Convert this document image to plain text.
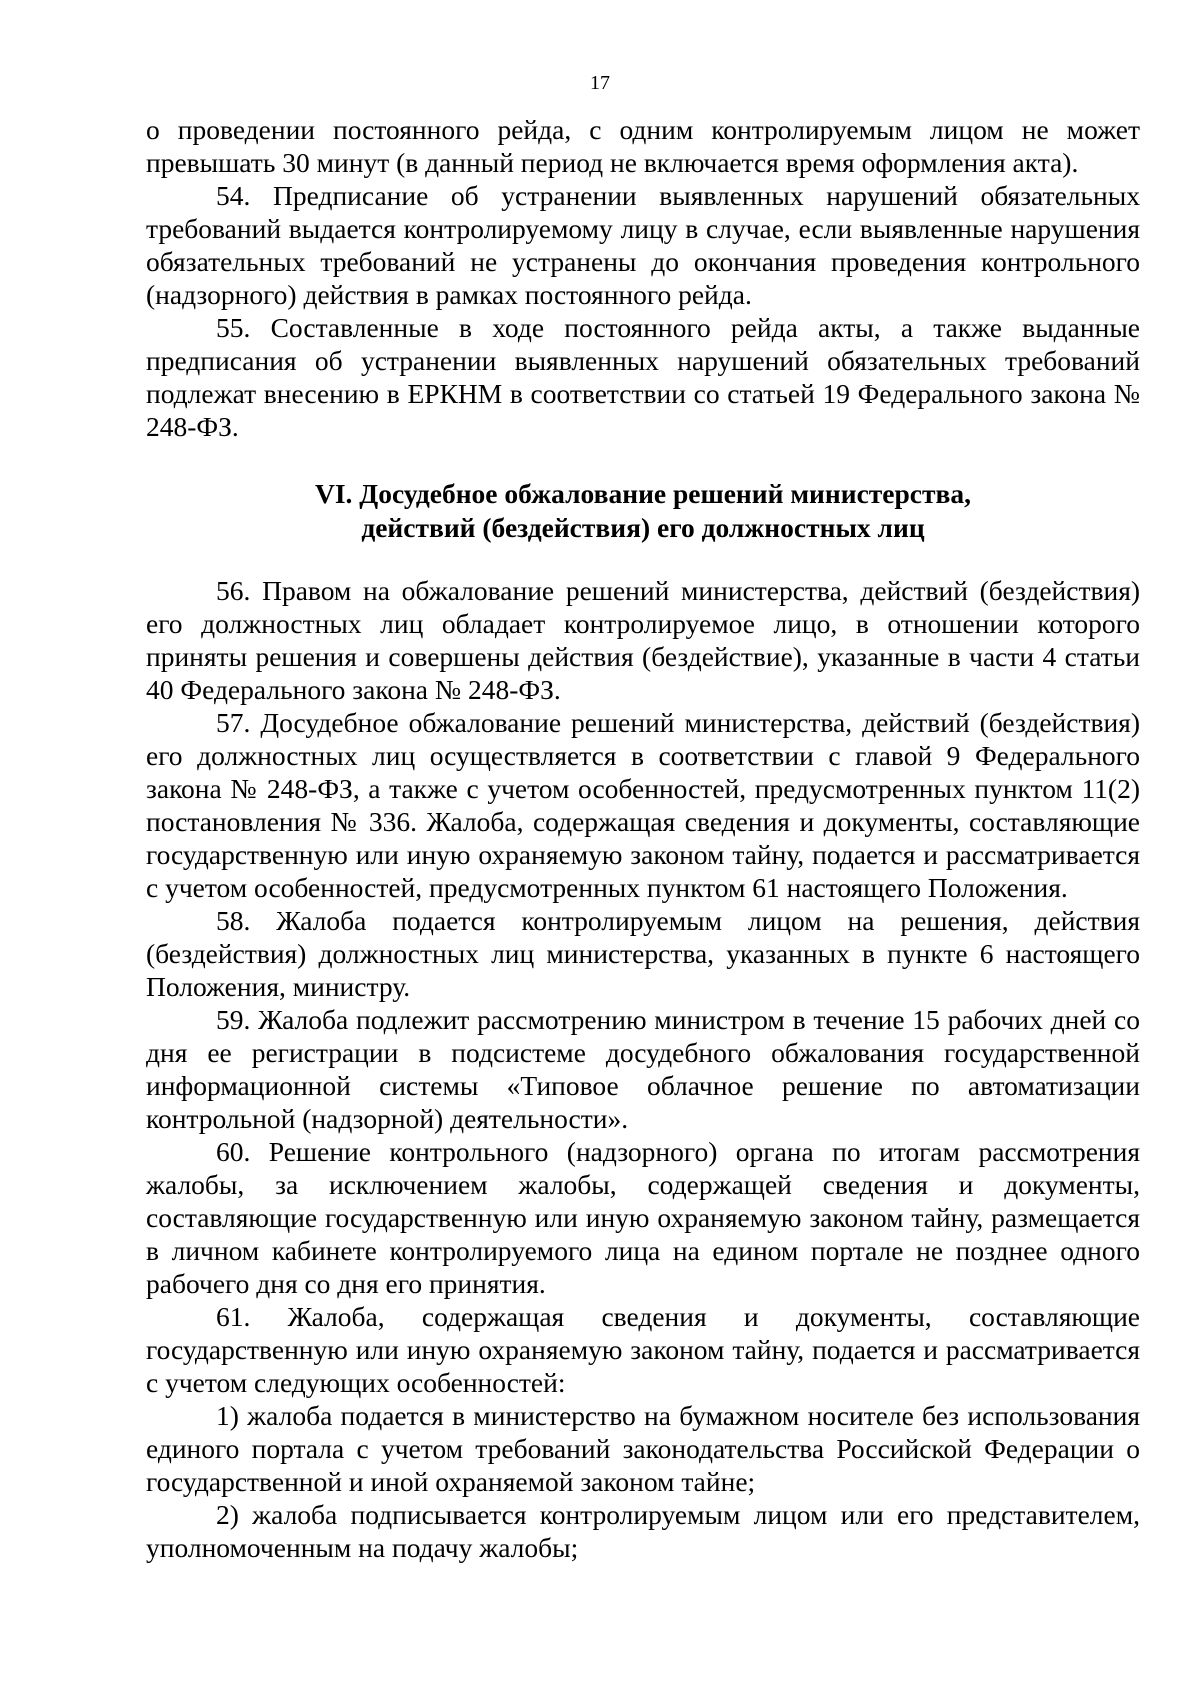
17

о проведении постоянного рейда, с одним контролируемым лицом не может превышать 30 минут (в данный период не включается время оформления акта).

54. Предписание об устранении выявленных нарушений обязательных требований выдается контролируемому лицу в случае, если выявленные нарушения обязательных требований не устранены до окончания проведения контрольного (надзорного) действия в рамках постоянного рейда.

55. Составленные в ходе постоянного рейда акты, а также выданные предписания об устранении выявленных нарушений обязательных требований подлежат внесению в ЕРКНМ в соответствии со статьей 19 Федерального закона № 248-ФЗ.

VI. Досудебное обжалование решений министерства,
действий (бездействия) его должностных лиц

56. Правом на обжалование решений министерства, действий (бездействия) его должностных лиц обладает контролируемое лицо, в отношении которого приняты решения и совершены действия (бездействие), указанные в части 4 статьи 40 Федерального закона № 248-ФЗ.

57. Досудебное обжалование решений министерства, действий (бездействия) его должностных лиц осуществляется в соответствии с главой 9 Федерального закона № 248-ФЗ, а также с учетом особенностей, предусмотренных пунктом 11(2) постановления № 336. Жалоба, содержащая сведения и документы, составляющие государственную или иную охраняемую законом тайну, подается и рассматривается с учетом особенностей, предусмотренных пунктом 61 настоящего Положения.

58. Жалоба подается контролируемым лицом на решения, действия (бездействия) должностных лиц министерства, указанных в пункте 6 настоящего Положения, министру.

59. Жалоба подлежит рассмотрению министром в течение 15 рабочих дней со дня ее регистрации в подсистеме досудебного обжалования государственной информационной системы «Типовое облачное решение по автоматизации контрольной (надзорной) деятельности».

60. Решение контрольного (надзорного) органа по итогам рассмотрения жалобы, за исключением жалобы, содержащей сведения и документы, составляющие государственную или иную охраняемую законом тайну, размещается в личном кабинете контролируемого лица на едином портале не позднее одного рабочего дня со дня его принятия.

61. Жалоба, содержащая сведения и документы, составляющие государственную или иную охраняемую законом тайну, подается и рассматривается с учетом следующих особенностей:

1) жалоба подается в министерство на бумажном носителе без использования единого портала с учетом требований законодательства Российской Федерации о государственной и иной охраняемой законом тайне;

2) жалоба подписывается контролируемым лицом или его представителем, уполномоченным на подачу жалобы;
